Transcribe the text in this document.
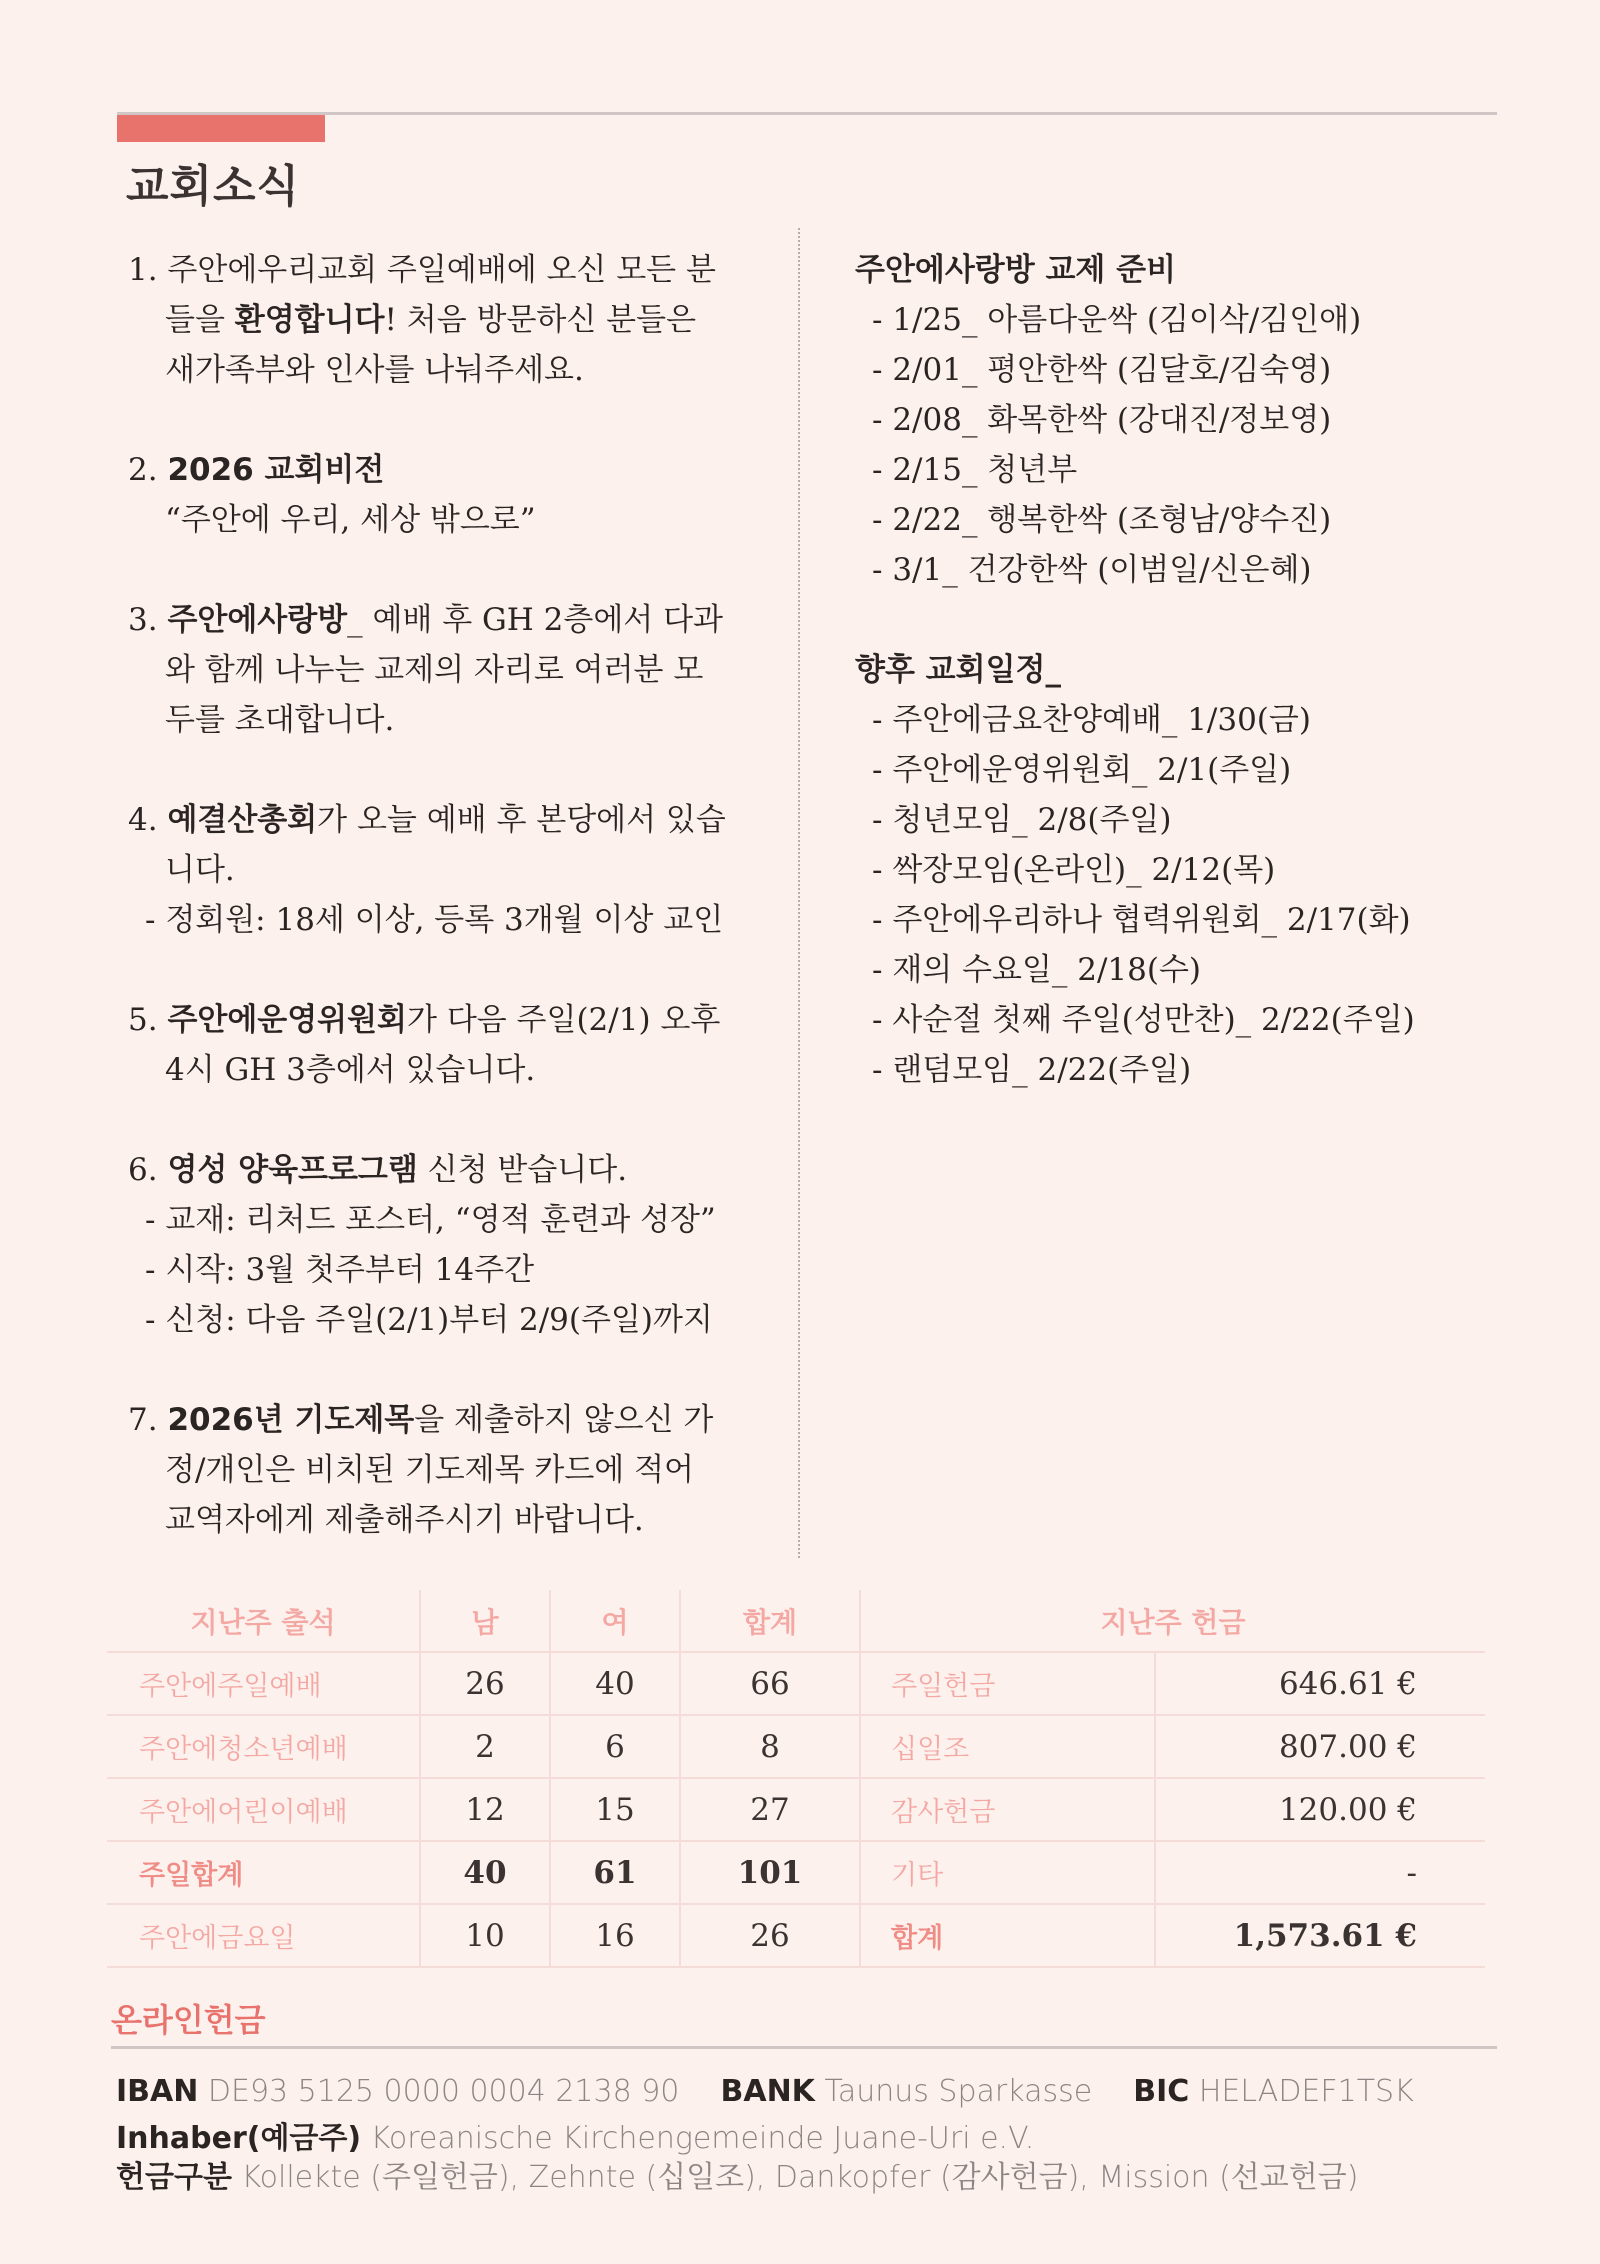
교회소식
1. 주안에우리교회 주일예배에 오신 모든 분
들을 환영합니다! 처음 방문하신 분들은
새가족부와 인사를 나눠주세요.
2. 2026 교회비전
“주안에 우리, 세상 밖으로”
3. 주안에사랑방_ 예배 후 GH 2층에서 다과
와 함께 나누는 교제의 자리로 여러분 모
두를 초대합니다.
4. 예결산총회가 오늘 예배 후 본당에서 있습
니다.
- 정회원: 18세 이상, 등록 3개월 이상 교인
5. 주안에운영위원회가 다음 주일(2/1) 오후
4시 GH 3층에서 있습니다.
6. 영성 양육프로그램 신청 받습니다.
- 교재: 리처드 포스터, “영적 훈련과 성장”
- 시작: 3월 첫주부터 14주간
- 신청: 다음 주일(2/1)부터 2/9(주일)까지
7. 2026년 기도제목을 제출하지 않으신 가
정/개인은 비치된 기도제목 카드에 적어
교역자에게 제출해주시기 바랍니다.
주안에사랑방 교제 준비
- 1/25_ 아름다운싹 (김이삭/김인애)
- 2/01_ 평안한싹 (김달호/김숙영)
- 2/08_ 화목한싹 (강대진/정보영)
- 2/15_ 청년부
- 2/22_ 행복한싹 (조형남/양수진)
- 3/1_ 건강한싹 (이범일/신은혜)
향후 교회일정_
- 주안에금요찬양예배_ 1/30(금)
- 주안에운영위원회_ 2/1(주일)
- 청년모임_ 2/8(주일)
- 싹장모임(온라인)_ 2/12(목)
- 주안에우리하나 협력위원회_ 2/17(화)
- 재의 수요일_ 2/18(수)
- 사순절 첫째 주일(성만찬)_ 2/22(주일)
- 랜덤모임_ 2/22(주일)
지난주 출석	남	여	합계	지난주 헌금	
주안에주일예배	26	40	66	주일헌금	646.61 €
주안에청소년예배	2	6	8	십일조	807.00 €
주안에어린이예배	12	15	27	감사헌금	120.00 €
주일합계	40	61	101	기타	-
주안에금요일	10	16	26	합계	1,573.61 €
온라인헌금
IBAN DE93 5125 0000 0004 2138 90 BANK Taunus Sparkasse BIC HELADEF1TSK
Inhaber(예금주) Koreanische Kirchengemeinde Juane-Uri e.V.
헌금구분 Kollekte (주일헌금), Zehnte (십일조), Dankopfer (감사헌금), Mission (선교헌금)
